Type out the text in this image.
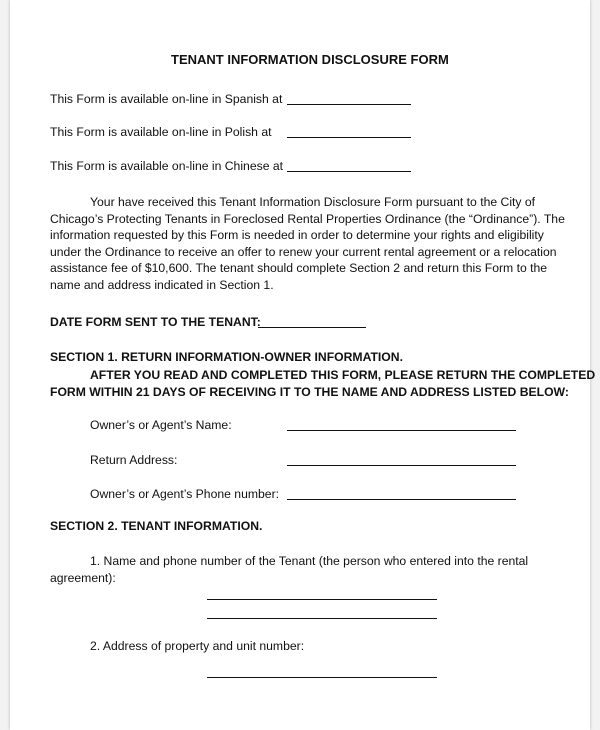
TENANT INFORMATION DISCLOSURE FORM
This Form is available on-line in Spanish at
This Form is available on-line in Polish at
This Form is available on-line in Chinese at
Your have received this Tenant Information Disclosure Form pursuant to the City of
Chicago’s Protecting Tenants in Foreclosed Rental Properties Ordinance (the “Ordinance”). The
information requested by this Form is needed in order to determine your rights and eligibility
under the Ordinance to receive an offer to renew your current rental agreement or a relocation
assistance fee of $10,600. The tenant should complete Section 2 and return this Form to the
name and address indicated in Section 1.
DATE FORM SENT TO THE TENANT:
SECTION 1. RETURN INFORMATION-OWNER INFORMATION.
AFTER YOU READ AND COMPLETED THIS FORM, PLEASE RETURN THE COMPLETED
FORM WITHIN 21 DAYS OF RECEIVING IT TO THE NAME AND ADDRESS LISTED BELOW:
Owner’s or Agent’s Name:
Return Address:
Owner’s or Agent’s Phone number:
SECTION 2. TENANT INFORMATION.
1. Name and phone number of the Tenant (the person who entered into the rental
agreement):
2. Address of property and unit number:
